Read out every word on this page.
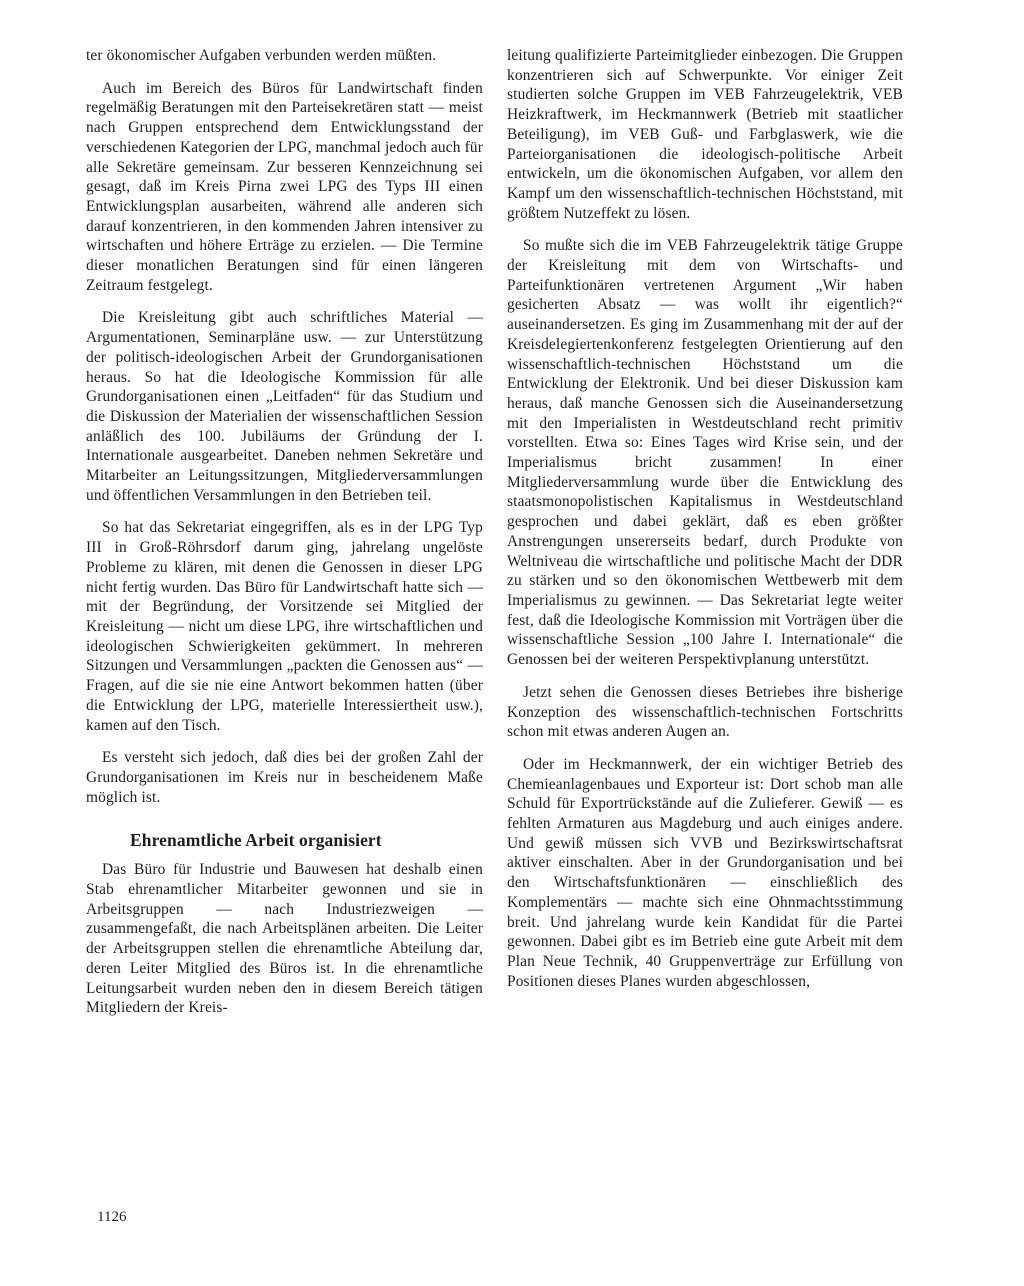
ter ökonomischer Aufgaben verbunden werden müßten.

Auch im Bereich des Büros für Landwirtschaft finden regelmäßig Beratungen mit den Parteisekretären statt — meist nach Gruppen entsprechend dem Entwicklungsstand der verschiedenen Kategorien der LPG, manchmal jedoch auch für alle Sekretäre gemeinsam. Zur besseren Kennzeichnung sei gesagt, daß im Kreis Pirna zwei LPG des Typs III einen Entwicklungsplan ausarbeiten, während alle anderen sich darauf konzentrieren, in den kommenden Jahren intensiver zu wirtschaften und höhere Erträge zu erzielen. — Die Termine dieser monatlichen Beratungen sind für einen längeren Zeitraum festgelegt.

Die Kreisleitung gibt auch schriftliches Material — Argumentationen, Seminarpläne usw. — zur Unterstützung der politisch-ideologischen Arbeit der Grundorganisationen heraus. So hat die Ideologische Kommission für alle Grundorganisationen einen „Leitfaden“ für das Studium und die Diskussion der Materialien der wissenschaftlichen Session anläßlich des 100. Jubiläums der Gründung der I. Internationale ausgearbeitet. Daneben nehmen Sekretäre und Mitarbeiter an Leitungssitzungen, Mitgliederversammlungen und öffentlichen Versammlungen in den Betrieben teil.

So hat das Sekretariat eingegriffen, als es in der LPG Typ III in Groß-Röhrsdorf darum ging, jahrelang ungelöste Probleme zu klären, mit denen die Genossen in dieser LPG nicht fertig wurden. Das Büro für Landwirtschaft hatte sich — mit der Begründung, der Vorsitzende sei Mitglied der Kreisleitung — nicht um diese LPG, ihre wirtschaftlichen und ideologischen Schwierigkeiten gekümmert. In mehreren Sitzungen und Versammlungen „packten die Genossen aus“ — Fragen, auf die sie nie eine Antwort bekommen hatten (über die Entwicklung der LPG, materielle Interessiertheit usw.), kamen auf den Tisch.

Es versteht sich jedoch, daß dies bei der großen Zahl der Grundorganisationen im Kreis nur in bescheidenem Maße möglich ist.

Ehrenamtliche Arbeit organisiert

Das Büro für Industrie und Bauwesen hat deshalb einen Stab ehrenamtlicher Mitarbeiter gewonnen und sie in Arbeitsgruppen — nach Industriezweigen — zusammengefaßt, die nach Arbeitsplänen arbeiten. Die Leiter der Arbeitsgruppen stellen die ehrenamtliche Abteilung dar, deren Leiter Mitglied des Büros ist. In die ehrenamtliche Leitungsarbeit wurden neben den in diesem Bereich tätigen Mitgliedern der Kreis-

leitung qualifizierte Parteimitglieder einbezogen. Die Gruppen konzentrieren sich auf Schwerpunkte. Vor einiger Zeit studierten solche Gruppen im VEB Fahrzeugelektrik, VEB Heizkraftwerk, im Heckmannwerk (Betrieb mit staatlicher Beteiligung), im VEB Guß- und Farbglaswerk, wie die Parteiorganisationen die ideologisch-politische Arbeit entwickeln, um die ökonomischen Aufgaben, vor allem den Kampf um den wissenschaftlich-technischen Höchststand, mit größtem Nutzeffekt zu lösen.

So mußte sich die im VEB Fahrzeugelektrik tätige Gruppe der Kreisleitung mit dem von Wirtschafts- und Parteifunktionären vertretenen Argument „Wir haben gesicherten Absatz — was wollt ihr eigentlich?“ auseinandersetzen. Es ging im Zusammenhang mit der auf der Kreisdelegiertenkonferenz festgelegten Orientierung auf den wissenschaftlich-technischen Höchststand um die Entwicklung der Elektronik. Und bei dieser Diskussion kam heraus, daß manche Genossen sich die Auseinandersetzung mit den Imperialisten in Westdeutschland recht primitiv vorstellten. Etwa so: Eines Tages wird Krise sein, und der Imperialismus bricht zusammen! In einer Mitgliederversammlung wurde über die Entwicklung des staatsmonopolistischen Kapitalismus in Westdeutschland gesprochen und dabei geklärt, daß es eben größter Anstrengungen unsererseits bedarf, durch Produkte von Weltniveau die wirtschaftliche und politische Macht der DDR zu stärken und so den ökonomischen Wettbewerb mit dem Imperialismus zu gewinnen. — Das Sekretariat legte weiter fest, daß die Ideologische Kommission mit Vorträgen über die wissenschaftliche Session „100 Jahre I. Internationale“ die Genossen bei der weiteren Perspektivplanung unterstützt.

Jetzt sehen die Genossen dieses Betriebes ihre bisherige Konzeption des wissenschaftlich-technischen Fortschritts schon mit etwas anderen Augen an.

Oder im Heckmannwerk, der ein wichtiger Betrieb des Chemieanlagenbaues und Exporteur ist: Dort schob man alle Schuld für Exportrückstände auf die Zulieferer. Gewiß — es fehlten Armaturen aus Magdeburg und auch einiges andere. Und gewiß müssen sich VVB und Bezirkswirtschaftsrat aktiver einschalten. Aber in der Grundorganisation und bei den Wirtschaftsfunktionären — einschließlich des Komplementärs — machte sich eine Ohnmachtsstimmung breit. Und jahrelang wurde kein Kandidat für die Partei gewonnen. Dabei gibt es im Betrieb eine gute Arbeit mit dem Plan Neue Technik, 40 Gruppenverträge zur Erfüllung von Positionen dieses Planes wurden abgeschlossen,

1126
